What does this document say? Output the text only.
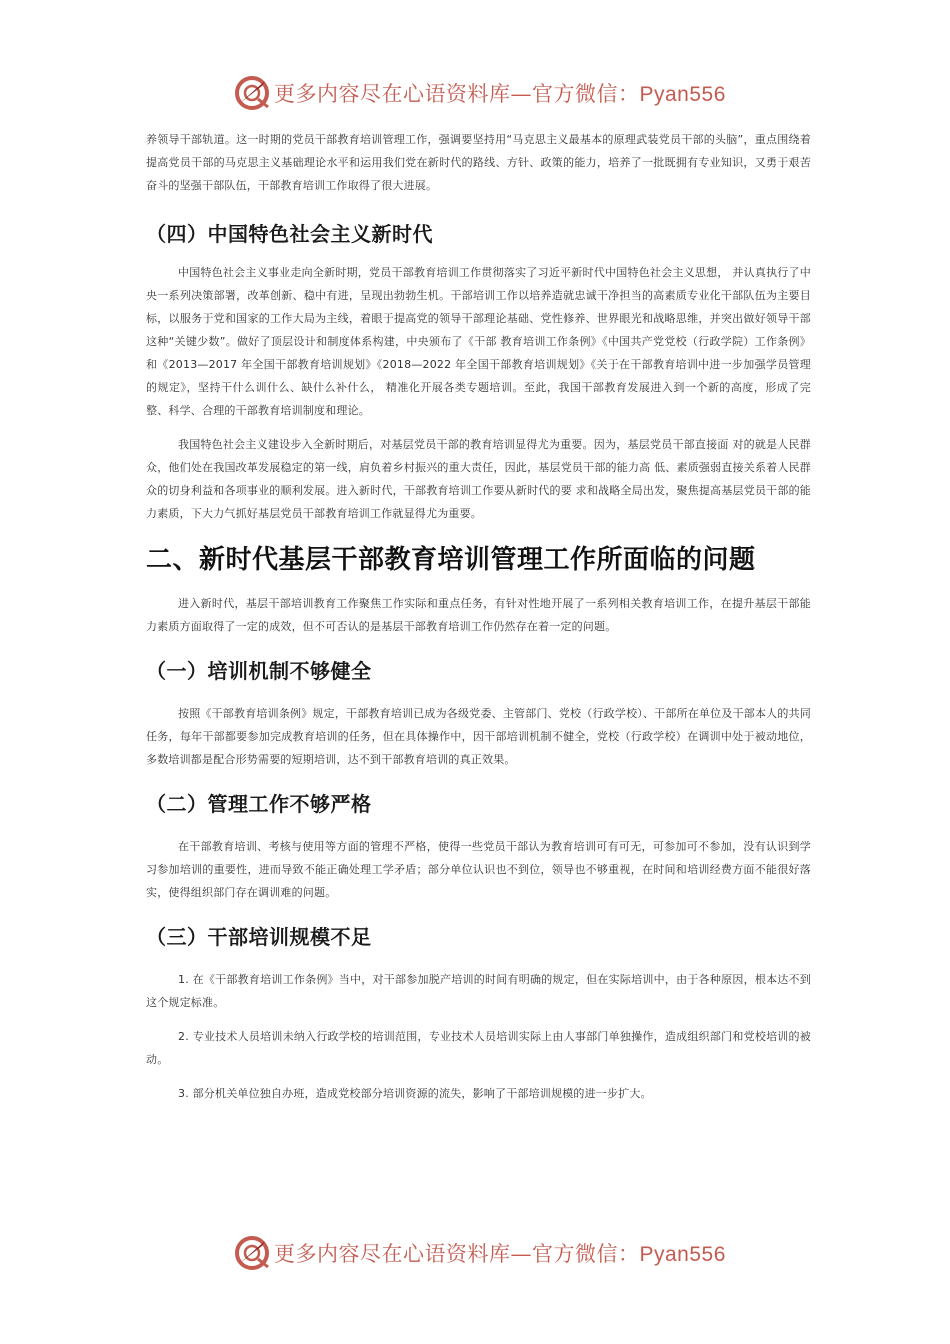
更多内容尽在心语资料库—官方微信：Pyan556

养领导干部轨道。这一时期的党员干部教育培训管理工作，强调要坚持用“马克思主义最基本的原理武装党员干部的头脑”，重点围绕着提高党员干部的马克思主义基础理论水平和运用我们党在新时代的路线、方针、政策的能力，培养了一批既拥有专业知识，又勇于艰苦奋斗的坚强干部队伍，干部教育培训工作取得了很大进展。

（四）中国特色社会主义新时代

中国特色社会主义事业走向全新时期，党员干部教育培训工作贯彻落实了习近平新时代中国特色社会主义思想， 并认真执行了中央一系列决策部署，改革创新、稳中有进，呈现出勃勃生机。干部培训工作以培养造就忠诚干净担当的高素质专业化干部队伍为主要目标，以服务于党和国家的工作大局为主线，着眼于提高党的领导干部理论基础、党性修养、世界眼光和战略思维，并突出做好领导干部这种“关键少数”。做好了顶层设计和制度体系构建，中央颁布了《干部 教育培训工作条例》《中国共产党党校（行政学院）工作条例》和《2013—2017 年全国干部教育培训规划》《2018—2022 年全国干部教育培训规划》《关于在干部教育培训中进一步加强学员管理的规定》，坚持干什么训什么、缺什么补什么， 精准化开展各类专题培训。至此，我国干部教育发展进入到一个新的高度，形成了完整、科学、合理的干部教育培训制度和理论。

我国特色社会主义建设步入全新时期后，对基层党员干部的教育培训显得尤为重要。因为，基层党员干部直接面 对的就是人民群众，他们处在我国改革发展稳定的第一线，肩负着乡村振兴的重大责任，因此，基层党员干部的能力高 低、素质强弱直接关系着人民群众的切身利益和各项事业的顺利发展。进入新时代，干部教育培训工作要从新时代的要 求和战略全局出发，聚焦提高基层党员干部的能力素质，下大力气抓好基层党员干部教育培训工作就显得尤为重要。

二、新时代基层干部教育培训管理工作所面临的问题

进入新时代，基层干部培训教育工作聚焦工作实际和重点任务，有针对性地开展了一系列相关教育培训工作，在提升基层干部能力素质方面取得了一定的成效，但不可否认的是基层干部教育培训工作仍然存在着一定的问题。

（一）培训机制不够健全

按照《干部教育培训条例》规定，干部教育培训已成为各级党委、主管部门、党校（行政学校）、干部所在单位及干部本人的共同任务，每年干部都要参加完成教育培训的任务，但在具体操作中，因干部培训机制不健全，党校（行政学校）在调训中处于被动地位，多数培训都是配合形势需要的短期培训，达不到干部教育培训的真正效果。

（二）管理工作不够严格

在干部教育培训、考核与使用等方面的管理不严格，使得一些党员干部认为教育培训可有可无，可参加可不参加，没有认识到学习参加培训的重要性，进而导致不能正确处理工学矛盾；部分单位认识也不到位，领导也不够重视，在时间和培训经费方面不能很好落实，使得组织部门存在调训难的问题。

（三）干部培训规模不足

1. 在《干部教育培训工作条例》当中，对干部参加脱产培训的时间有明确的规定，但在实际培训中，由于各种原因，根本达不到这个规定标准。

2. 专业技术人员培训未纳入行政学校的培训范围，专业技术人员培训实际上由人事部门单独操作，造成组织部门和党校培训的被动。

3. 部分机关单位独自办班，造成党校部分培训资源的流失，影响了干部培训规模的进一步扩大。

更多内容尽在心语资料库—官方微信：Pyan556
